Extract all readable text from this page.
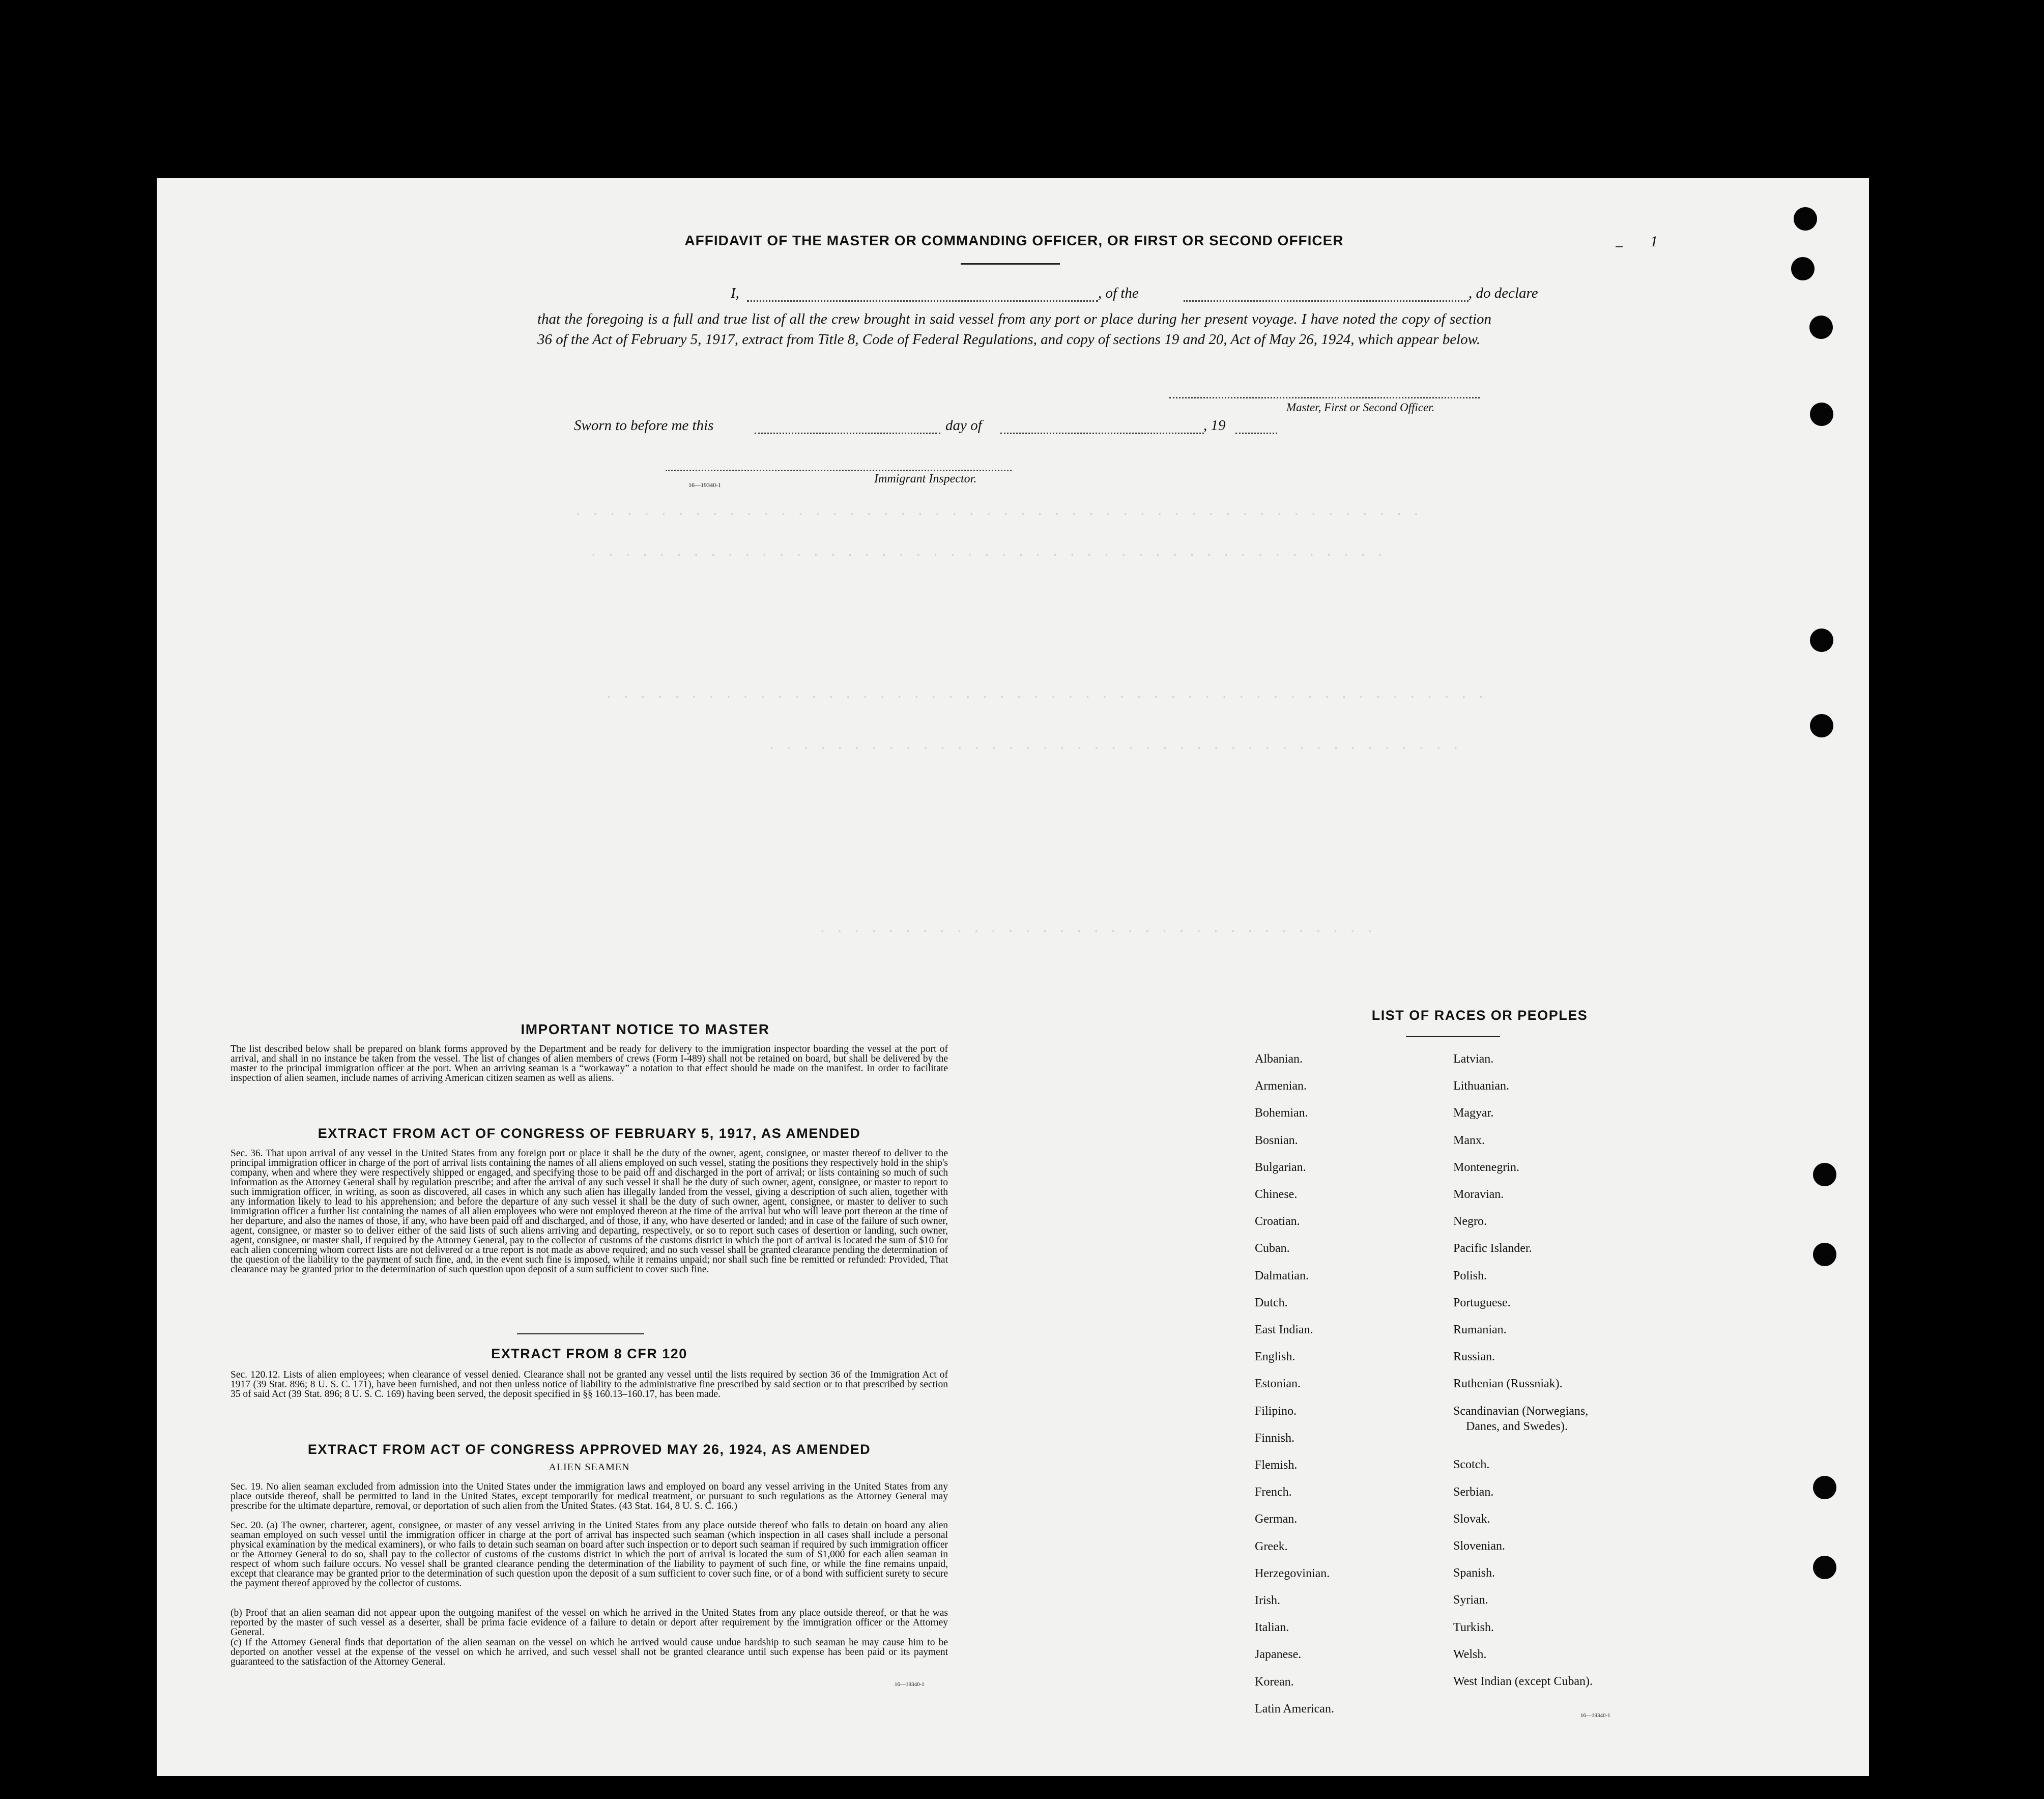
. . . . . . . . . . . . . . . . . . . . . . . . . . . . . . . . . . . . . . . . . . . . . . . . . .
. . . . . . . . . . . . . . . . . . . . . . . . . . . . . . . . . . . . . . . . . . . . . . .
. . . . . . . . . . . . . . . . . . . . . . . . . . . . . . . . . . . . . . . . . . . . . . . . . . . .
. . . . . . . . . . . . . . . . . . . . . . . . . . . . . . . . . . . . . . . . .
. . . . . . . . . . . . . . . . . . . . . . . . . . . . . . . . .
AFFIDAVIT OF THE MASTER OR COMMANDING OFFICER, OR FIRST OR SECOND OFFICER
I,	, of the	, do declare
that the foregoing is a full and true list of all the crew brought in said vessel from any port or place during her present voyage. I have noted the copy of section 36 of the Act of February 5, 1917, extract from Title 8, Code of Federal Regulations, and copy of sections 19 and 20, Act of May 26, 1924, which appear below.
Master, First or Second Officer.
Sworn to before me this	day of	, 19
16—19340-1	Immigrant Inspector.
1
IMPORTANT NOTICE TO MASTER
The list described below shall be prepared on blank forms approved by the Department and be ready for delivery to the immigration inspector boarding the vessel at the port of arrival, and shall in no instance be taken from the vessel. The list of changes of alien members of crews (Form I-489) shall not be retained on board, but shall be delivered by the master to the principal immigration officer at the port. When an arriving seaman is a “workaway” a notation to that effect should be made on the manifest. In order to facilitate inspection of alien seamen, include names of arriving American citizen seamen as well as aliens.
EXTRACT FROM ACT OF CONGRESS OF FEBRUARY 5, 1917, AS AMENDED
Sec. 36. That upon arrival of any vessel in the United States from any foreign port or place it shall be the duty of the owner, agent, consignee, or master thereof to deliver to the principal immigration officer in charge of the port of arrival lists containing the names of all aliens employed on such vessel, stating the positions they respectively hold in the ship's company, when and where they were respectively shipped or engaged, and specifying those to be paid off and discharged in the port of arrival; or lists containing so much of such information as the Attorney General shall by regulation prescribe; and after the arrival of any such vessel it shall be the duty of such owner, agent, consignee, or master to report to such immigration officer, in writing, as soon as discovered, all cases in which any such alien has illegally landed from the vessel, giving a description of such alien, together with any information likely to lead to his apprehension; and before the departure of any such vessel it shall be the duty of such owner, agent, consignee, or master to deliver to such immigration officer a further list containing the names of all alien employees who were not employed thereon at the time of the arrival but who will leave port thereon at the time of her departure, and also the names of those, if any, who have been paid off and discharged, and of those, if any, who have deserted or landed; and in case of the failure of such owner, agent, consignee, or master so to deliver either of the said lists of such aliens arriving and departing, respectively, or so to report such cases of desertion or landing, such owner, agent, consignee, or master shall, if required by the Attorney General, pay to the collector of customs of the customs district in which the port of arrival is located the sum of $10 for each alien concerning whom correct lists are not delivered or a true report is not made as above required; and no such vessel shall be granted clearance pending the determination of the question of the liability to the payment of such fine, and, in the event such fine is imposed, while it remains unpaid; nor shall such fine be remitted or refunded: Provided, That clearance may be granted prior to the determination of such question upon deposit of a sum sufficient to cover such fine.
EXTRACT FROM 8 CFR 120
Sec. 120.12. Lists of alien employees; when clearance of vessel denied. Clearance shall not be granted any vessel until the lists required by section 36 of the Immigration Act of 1917 (39 Stat. 896; 8 U. S. C. 171), have been furnished, and not then unless notice of liability to the administrative fine prescribed by said section or to that prescribed by section 35 of said Act (39 Stat. 896; 8 U. S. C. 169) having been served, the deposit specified in §§ 160.13–160.17, has been made.
EXTRACT FROM ACT OF CONGRESS APPROVED MAY 26, 1924, AS AMENDED
ALIEN SEAMEN
Sec. 19. No alien seaman excluded from admission into the United States under the immigration laws and employed on board any vessel arriving in the United States from any place outside thereof, shall be permitted to land in the United States, except temporarily for medical treatment, or pursuant to such regulations as the Attorney General may prescribe for the ultimate departure, removal, or deportation of such alien from the United States. (43 Stat. 164, 8 U. S. C. 166.)
Sec. 20. (a) The owner, charterer, agent, consignee, or master of any vessel arriving in the United States from any place outside thereof who fails to detain on board any alien seaman employed on such vessel until the immigration officer in charge at the port of arrival has inspected such seaman (which inspection in all cases shall include a personal physical examination by the medical examiners), or who fails to detain such seaman on board after such inspection or to deport such seaman if required by such immigration officer or the Attorney General to do so, shall pay to the collector of customs of the customs district in which the port of arrival is located the sum of $1,000 for each alien seaman in respect of whom such failure occurs. No vessel shall be granted clearance pending the determination of the liability to payment of such fine, or while the fine remains unpaid, except that clearance may be granted prior to the determination of such question upon the deposit of a sum sufficient to cover such fine, or of a bond with sufficient surety to secure the payment thereof approved by the collector of customs.
(b) Proof that an alien seaman did not appear upon the outgoing manifest of the vessel on which he arrived in the United States from any place outside thereof, or that he was reported by the master of such vessel as a deserter, shall be prima facie evidence of a failure to detain or deport after requirement by the immigration officer or the Attorney General.
(c) If the Attorney General finds that deportation of the alien seaman on the vessel on which he arrived would cause undue hardship to such seaman he may cause him to be deported on another vessel at the expense of the vessel on which he arrived, and such vessel shall not be granted clearance until such expense has been paid or its payment guaranteed to the satisfaction of the Attorney General.
16—19340-1
LIST OF RACES OR PEOPLES
Albanian.
Armenian.
Bohemian.
Bosnian.
Bulgarian.
Chinese.
Croatian.
Cuban.
Dalmatian.
Dutch.
East Indian.
English.
Estonian.
Filipino.
Finnish.
Flemish.
French.
German.
Greek.
Herzegovinian.
Irish.
Italian.
Japanese.
Korean.
Latin American.
Latvian.
Lithuanian.
Magyar.
Manx.
Montenegrin.
Moravian.
Negro.
Pacific Islander.
Polish.
Portuguese.
Rumanian.
Russian.
Ruthenian (Russniak).
Scandinavian (Norwegians,
Danes, and Swedes).
Scotch.
Serbian.
Slovak.
Slovenian.
Spanish.
Syrian.
Turkish.
Welsh.
West Indian (except Cuban).
16—19340-1
